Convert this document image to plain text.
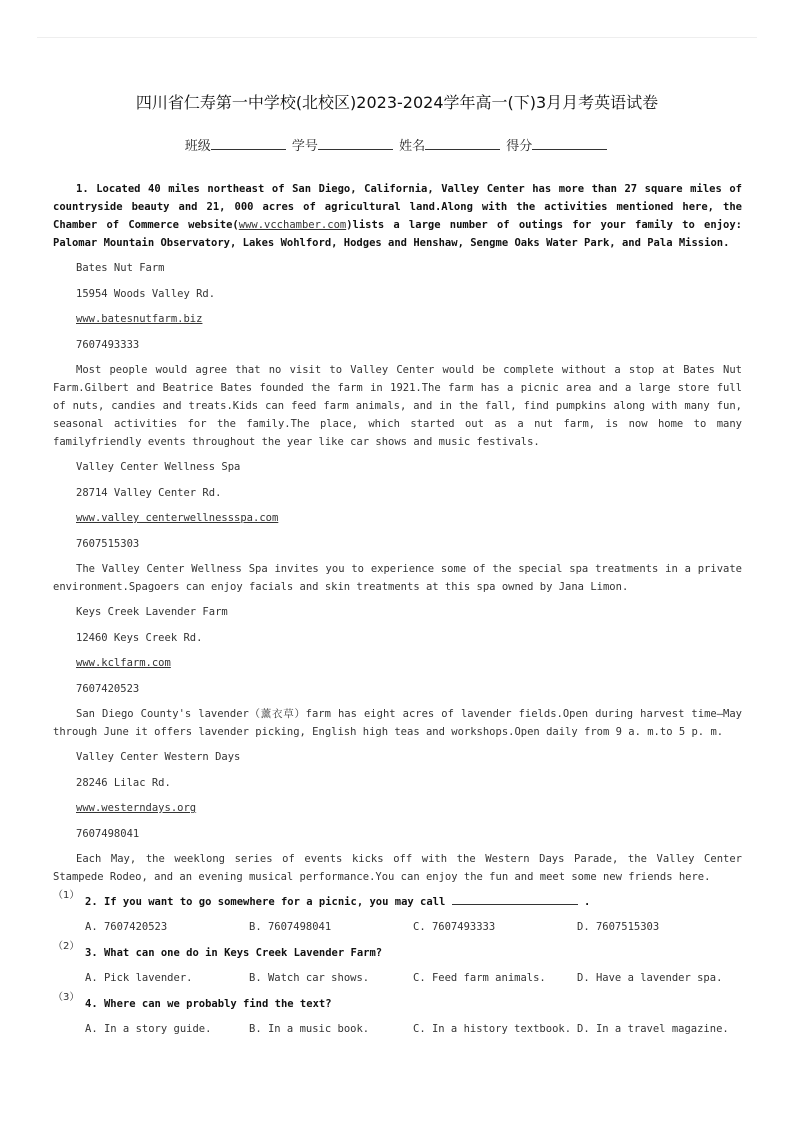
四川省仁寿第一中学校(北校区)2023-2024学年高一(下)3月月考英语试卷
班级	学号	姓名	得分

1. Located 40 miles northeast of San Diego, California, Valley Center has more than 27 square miles of countryside beauty and 21, 000 acres of agricultural land.Along with the activities mentioned here, the Chamber of Commerce website(www.vcchamber.com)lists a large number of outings for your family to enjoy: Palomar Mountain Observatory, Lakes Wohlford, Hodges and Henshaw, Sengme Oaks Water Park, and Pala Mission.

Bates Nut Farm

15954 Woods Valley Rd.

www.batesnutfarm.biz

7607493333

Most people would agree that no visit to Valley Center would be complete without a stop at Bates Nut Farm.Gilbert and Beatrice Bates founded the farm in 1921.The farm has a picnic area and a large store full of nuts, candies and treats.Kids can feed farm animals, and in the fall, find pumpkins along with many fun, seasonal activities for the family.The place, which started out as a nut farm, is now home to many familyfriendly events throughout the year like car shows and music festivals.

Valley Center Wellness Spa

28714 Valley Center Rd.

www.valley centerwellnessspa.com

7607515303

The Valley Center Wellness Spa invites you to experience some of the special spa treatments in a private environment.Spagoers can enjoy facials and skin treatments at this spa owned by Jana Limon.

Keys Creek Lavender Farm

12460 Keys Creek Rd.

www.kclfarm.com

7607420523

San Diego County's lavender（薰衣草）farm has eight acres of lavender fields.Open during harvest time—May through June it offers lavender picking, English high teas and workshops.Open daily from 9 a. m.to 5 p. m.

Valley Center Western Days

28246 Lilac Rd.

www.westerndays.org

7607498041

Each May, the weeklong series of events kicks off with the Western Days Parade, the Valley Center Stampede Rodeo, and an evening musical performance.You can enjoy the fun and meet some new friends here.

（1）
2. If you want to go somewhere for a picnic, you may call	.
A. 7607420523	B. 7607498041	C. 7607493333	D. 7607515303
（2）
3. What can one do in Keys Creek Lavender Farm?
A. Pick lavender.	B. Watch car shows.	C. Feed farm animals.	D. Have a lavender spa.
（3）
4. Where can we probably find the text?
A. In a story guide.	B. In a music book.	C. In a history textbook. D. In a travel magazine.
